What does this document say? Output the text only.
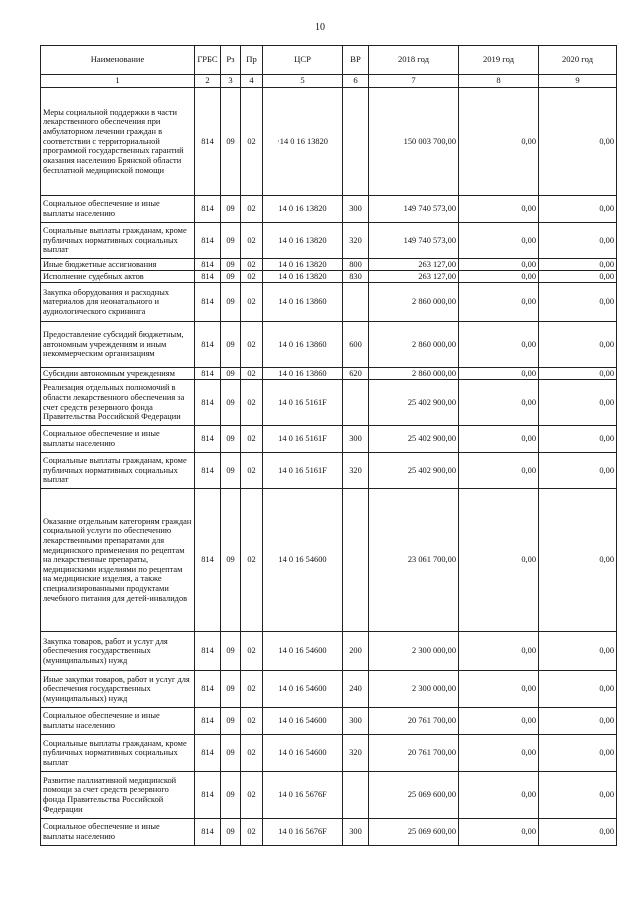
10
Наименование	ГРБС	Рз	Пр	ЦСР	ВР	2018 год	2019 год	2020 год
1	2	3	4	5	6	7	8	9
Меры социальной поддержки в части лекарственного обеспечения при амбулаторном лечении граждан в соответствии с территориальной программой государственных гарантий оказания населению Брянской области бесплатной медицинской помощи	814	09	02	·14 0 16 13820		150 003 700,00	0,00	0,00
Социальное обеспечение и иные выплаты населению	814	09	02	14 0 16 13820	300	149 740 573,00	0,00	0,00
Социальные выплаты гражданам, кроме публичных нормативных социальных выплат	814	09	02	14 0 16 13820	320	149 740 573,00	0,00	0,00
Иные бюджетные ассигнования	814	09	02	14 0 16 13820	800	263 127,00	0,00	0,00
Исполнение судебных актов	814	09	02	14 0 16 13820	830	263 127,00	0,00	0,00
Закупка оборудования и расходных материалов для неонатального и аудиологического скрининга	814	09	02	14 0 16 13860		2 860 000,00	0,00	0,00
Предоставление субсидий бюджетным, автономным учреждениям и иным некоммерческим организациям	814	09	02	14 0 16 13860	600	2 860 000,00	0,00	0,00
Субсидии автономным учреждениям	814	09	02	14 0 16 13860	620	2 860 000,00	0,00	0,00
Реализация отдельных полномочий в области лекарственного обеспечения за счет средств резервного фонда Правительства Российской Федерации	814	09	02	14 0 16 5161F		25 402 900,00	0,00	0,00
Социальное обеспечение и иные выплаты населению	814	09	02	14 0 16 5161F	300	25 402 900,00	0,00	0,00
Социальные выплаты гражданам, кроме публичных нормативных социальных выплат	814	09	02	14 0 16 5161F	320	25 402 900,00	0,00	0,00
Оказание отдельным категориям граждан социальной услуги по обеспечению лекарственными препаратами для медицинского применения по рецептам на лекарственные препараты, медицинскими изделиями по рецептам на медицинские изделия, а также специализированными продуктами лечебного питания для детей-инвалидов	814	09	02	14 0 16 54600		23 061 700,00	0,00	0,00
Закупка товаров, работ и услуг для обеспечения государственных (муниципальных) нужд	814	09	02	14 0 16 54600	200	2 300 000,00	0,00	0,00
Иные закупки товаров, работ и услуг для обеспечения государственных (муниципальных) нужд	814	09	02	14 0 16 54600	240	2 300 000,00	0,00	0,00
Социальное обеспечение и иные выплаты населению	814	09	02	14 0 16 54600	300	20 761 700,00	0,00	0,00
Социальные выплаты гражданам, кроме публичных нормативных социальных выплат	814	09	02	14 0 16 54600	320	20 761 700,00	0,00	0,00
Развитие паллиативной медицинской помощи за счет средств резервного фонда Правительства Российской Федерации	814	09	02	14 0 16 5676F		25 069 600,00	0,00	0,00
Социальное обеспечение и иные выплаты населению	814	09	02	14 0 16 5676F	300	25 069 600,00	0,00	0,00
